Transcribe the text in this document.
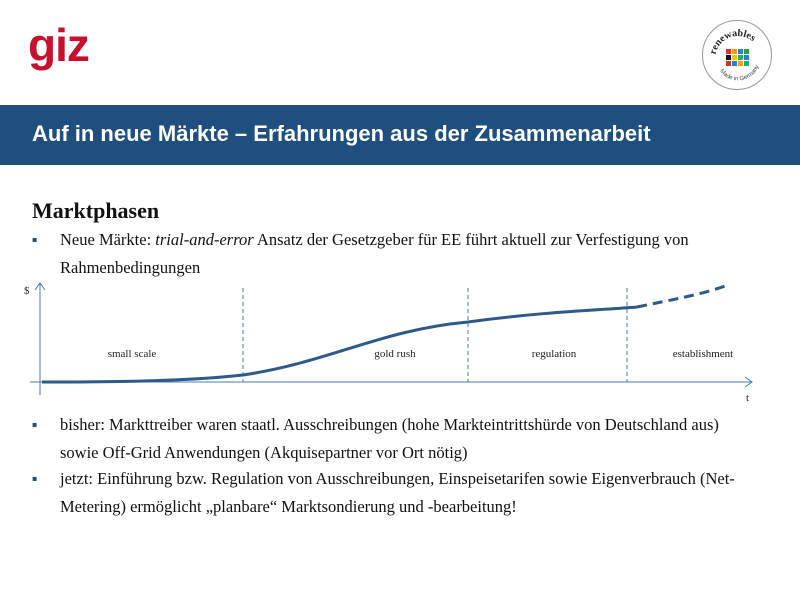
giz	renewables
Made in Germany
Auf in neue Märkte – Erfahrungen aus der Zusammenarbeit
Marktphasen
▪	Neue Märkte: trial-and-error Ansatz der Gesetzgeber für EE führt aktuell zur Verfestigung von Rahmenbedingungen
$
t
small scale	gold rush	regulation	establishment
▪	bisher: Markttreiber waren staatl. Ausschreibungen (hohe Markteintrittshürde von Deutschland aus) sowie Off-Grid Anwendungen (Akquisepartner vor Ort nötig)
▪	jetzt: Einführung bzw. Regulation von Ausschreibungen, Einspeisetarifen sowie Eigenverbrauch (Net-Metering) ermöglicht „planbare“ Marktsondierung und -bearbeitung!
